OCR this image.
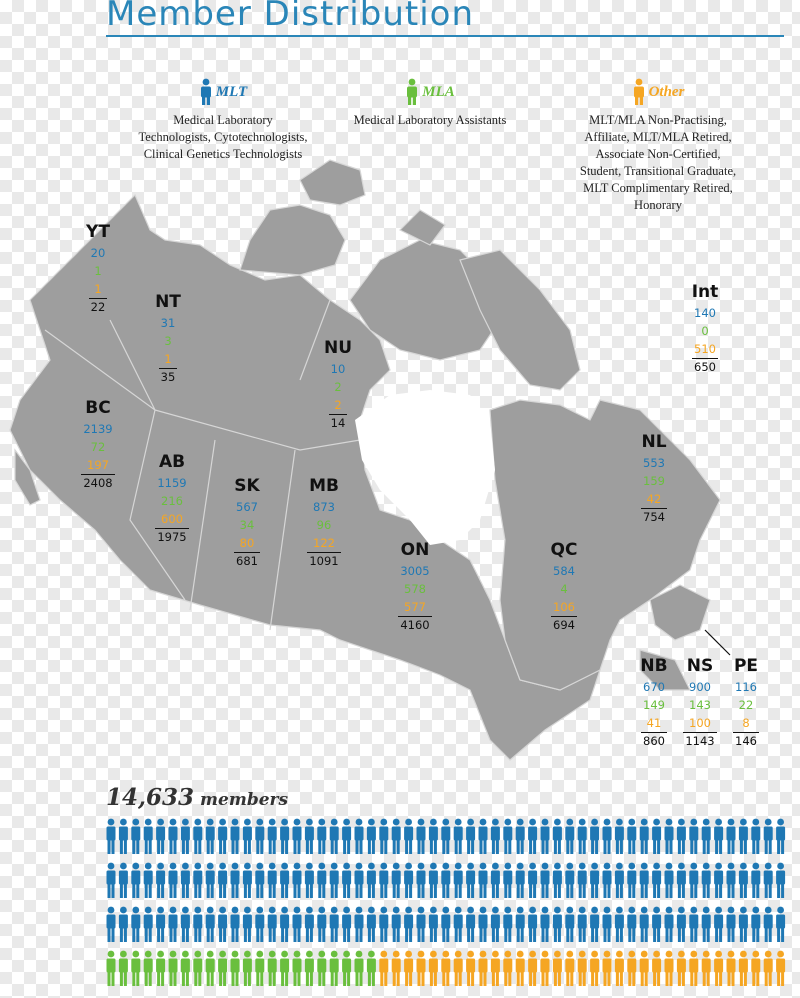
Member Distribution
MLT
Medical Laboratory
Technologists, Cytotechnologists,
Clinical Genetics Technologists
MLA
Medical Laboratory Assistants
Other
MLT/MLA Non-Practising,
Affiliate, MLT/MLA Retired,
Associate Non-Certified,
Student, Transitional Graduate,
MLT Complimentary Retired,
Honorary
YT
20
1
1
22	NT
31
3
1
35
NU
10
2
2
14
BC
2139
72
197
2408
AB
1159
216
600
1975
SK
567
34
80
681
MB
873
96
122
1091
ON
3005
578
577
4160
QC
584
4
106
694
NL
553
159
42
754
Int
140
0
510
650
NB
670
149
41
860
NS
900
143
100
1143
PE
116
22
8
146
14,633 members
